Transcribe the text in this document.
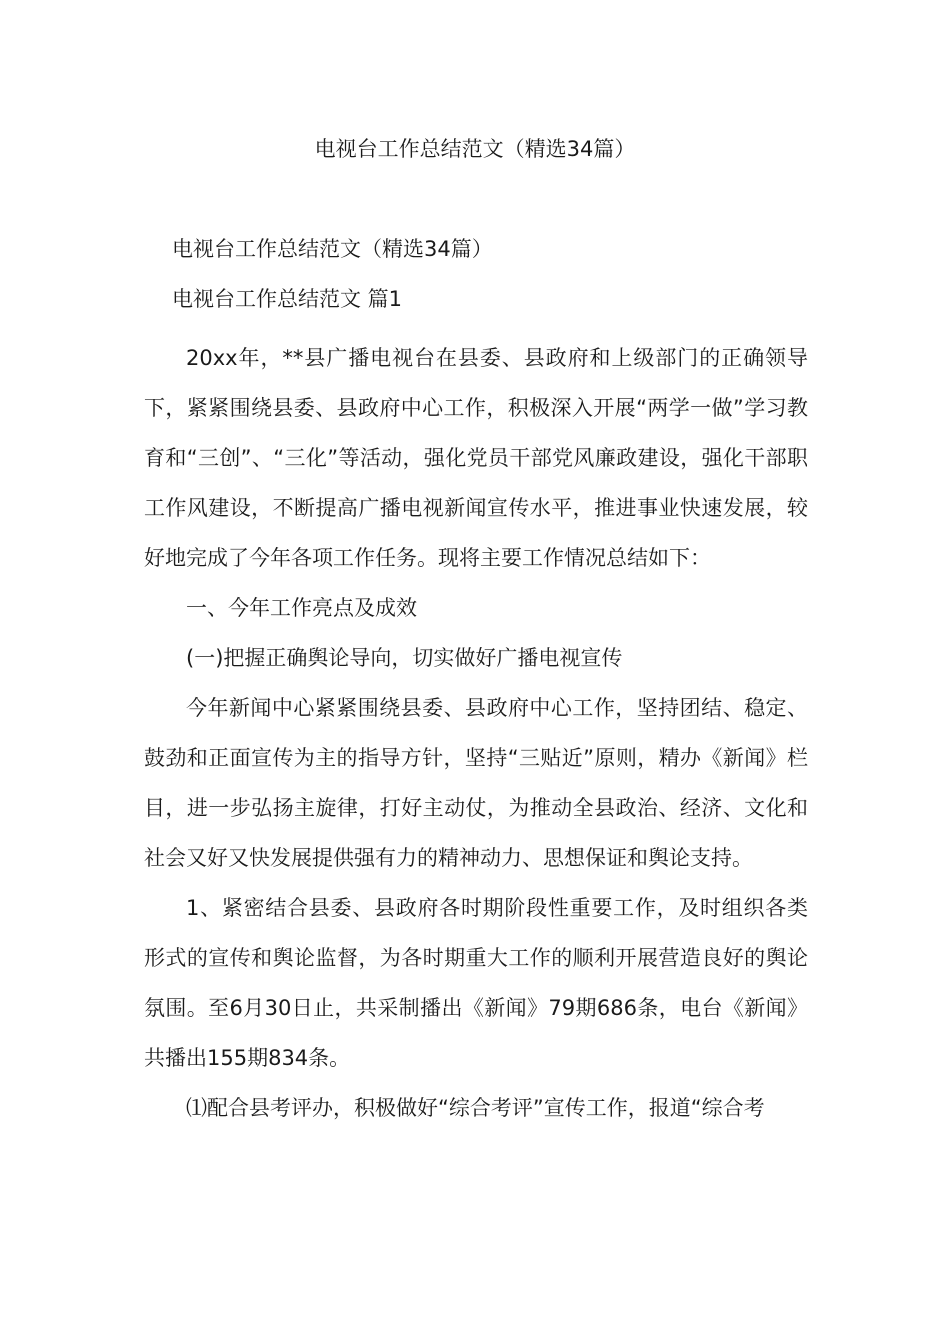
电视台工作总结范文（精选34篇）
电视台工作总结范文（精选34篇）
电视台工作总结范文 篇1

20xx年，**县广播电视台在县委、县政府和上级部门的正确领导下，紧紧围绕县委、县政府中心工作，积极深入开展“两学一做”学习教育和“三创”、“三化”等活动，强化党员干部党风廉政建设，强化干部职工作风建设，不断提高广播电视新闻宣传水平，推进事业快速发展，较好地完成了今年各项工作任务。现将主要工作情况总结如下：

一、今年工作亮点及成效

(一)把握正确舆论导向，切实做好广播电视宣传

今年新闻中心紧紧围绕县委、县政府中心工作，坚持团结、稳定、鼓劲和正面宣传为主的指导方针，坚持“三贴近”原则，精办《新闻》栏目，进一步弘扬主旋律，打好主动仗，为推动全县政治、经济、文化和社会又好又快发展提供强有力的精神动力、思想保证和舆论支持。

1、紧密结合县委、县政府各时期阶段性重要工作，及时组织各类形式的宣传和舆论监督，为各时期重大工作的顺利开展营造良好的舆论氛围。至6月30日止，共采制播出《新闻》79期686条，电台《新闻》共播出155期834条。

⑴配合县考评办，积极做好“综合考评”宣传工作，报道“综合考
